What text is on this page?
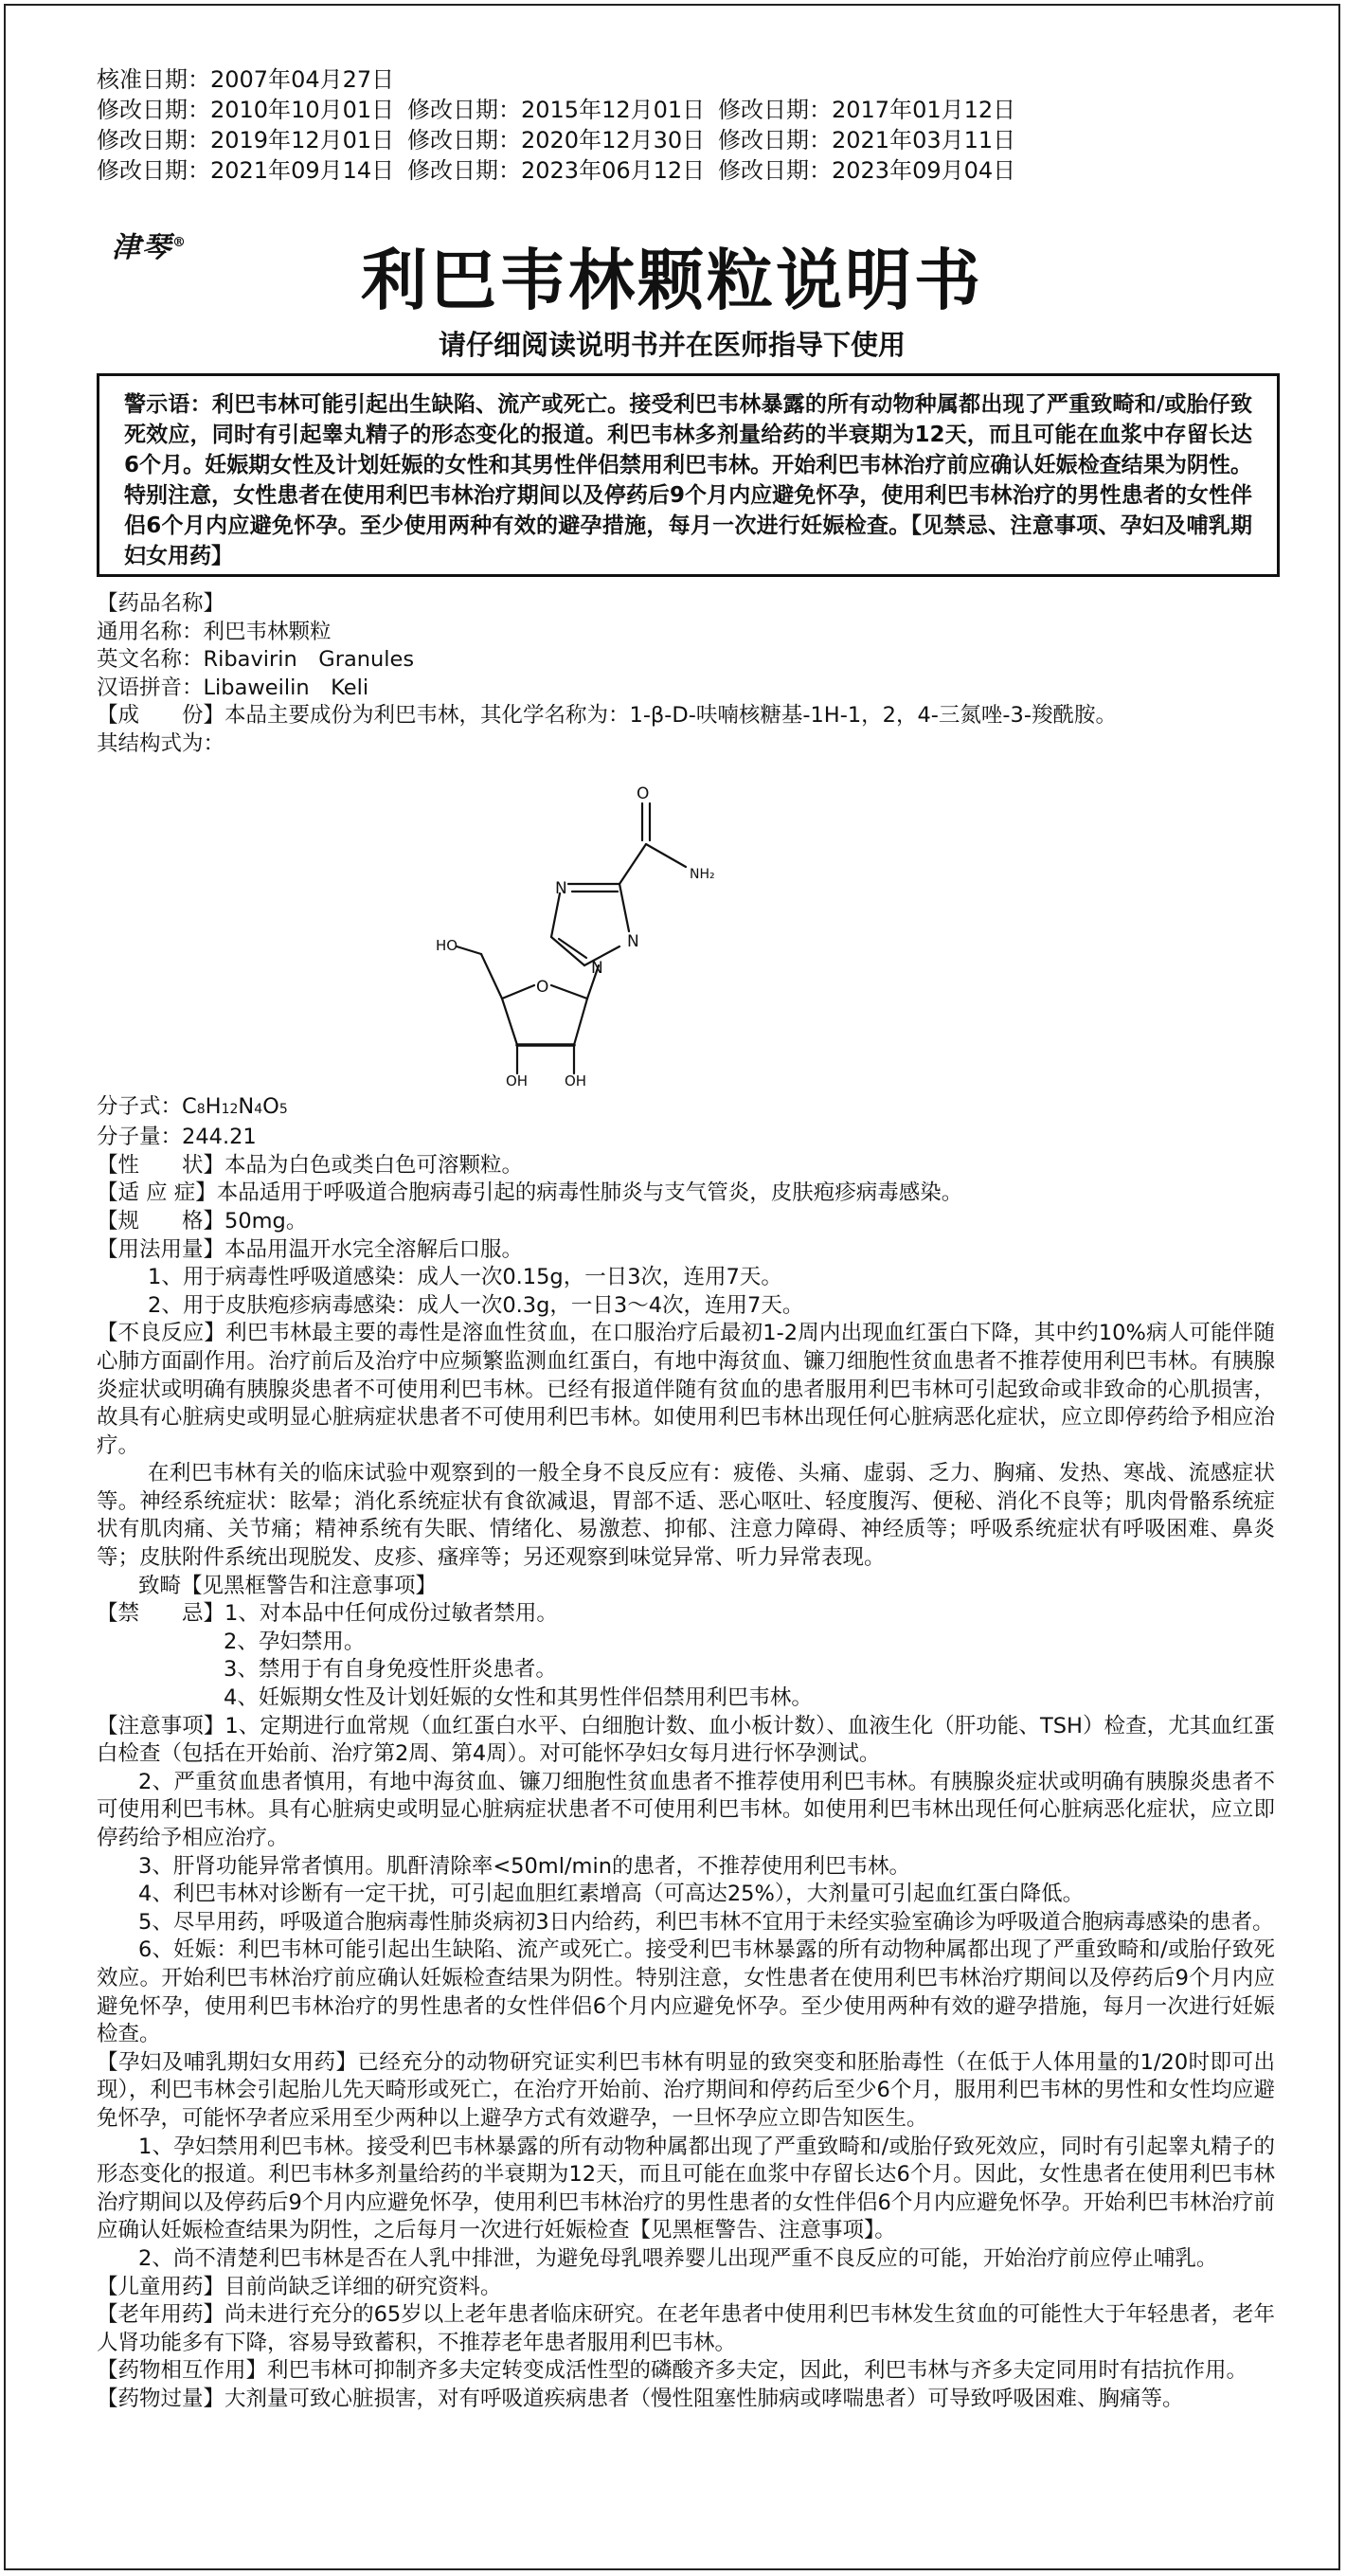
核准日期：2007年04月27日
修改日期：2010年10月01日 修改日期：2015年12月01日 修改日期：2017年01月12日
修改日期：2019年12月01日 修改日期：2020年12月30日 修改日期：2021年03月11日
修改日期：2021年09月14日 修改日期：2023年06月12日 修改日期：2023年09月04日
津琴®	利巴韦林颗粒说明书
请仔细阅读说明书并在医师指导下使用
警示语：利巴韦林可能引起出生缺陷、流产或死亡。接受利巴韦林暴露的所有动物种属都出现了严重致畸和/或胎仔致死效应，同时有引起睾丸精子的形态变化的报道。利巴韦林多剂量给药的半衰期为12天，而且可能在血浆中存留长达6个月。妊娠期女性及计划妊娠的女性和其男性伴侣禁用利巴韦林。开始利巴韦林治疗前应确认妊娠检查结果为阴性。特别注意，女性患者在使用利巴韦林治疗期间以及停药后9个月内应避免怀孕，使用利巴韦林治疗的男性患者的女性伴侣6个月内应避免怀孕。至少使用两种有效的避孕措施，每月一次进行妊娠检查。【见禁忌、注意事项、孕妇及哺乳期妇女用药】

【药品名称】

通用名称：利巴韦林颗粒

英文名称：Ribavirin　Granules

汉语拼音：Libaweilin　Keli

【成　　份】本品主要成份为利巴韦林，其化学名称为：1-β-D-呋喃核糖基-1H-1，2，4-三氮唑-3-羧酰胺。

其结构式为：

O
NH₂
N
N
N
O
HO
OH	OH

分子式：C8H12N4O5

分子量：244.21

【性　　状】本品为白色或类白色可溶颗粒。

【适 应 症】本品适用于呼吸道合胞病毒引起的病毒性肺炎与支气管炎，皮肤疱疹病毒感染。

【规　　格】50mg。

【用法用量】本品用温开水完全溶解后口服。

1、用于病毒性呼吸道感染：成人一次0.15g，一日3次，连用7天。

2、用于皮肤疱疹病毒感染：成人一次0.3g，一日3～4次，连用7天。

【不良反应】利巴韦林最主要的毒性是溶血性贫血，在口服治疗后最初1-2周内出现血红蛋白下降，其中约10%病人可能伴随心肺方面副作用。治疗前后及治疗中应频繁监测血红蛋白，有地中海贫血、镰刀细胞性贫血患者不推荐使用利巴韦林。有胰腺炎症状或明确有胰腺炎患者不可使用利巴韦林。已经有报道伴随有贫血的患者服用利巴韦林可引起致命或非致命的心肌损害，故具有心脏病史或明显心脏病症状患者不可使用利巴韦林。如使用利巴韦林出现任何心脏病恶化症状，应立即停药给予相应治疗。

在利巴韦林有关的临床试验中观察到的一般全身不良反应有：疲倦、头痛、虚弱、乏力、胸痛、发热、寒战、流感症状等。神经系统症状：眩晕；消化系统症状有食欲减退，胃部不适、恶心呕吐、轻度腹泻、便秘、消化不良等；肌肉骨骼系统症状有肌肉痛、关节痛；精神系统有失眠、情绪化、易激惹、抑郁、注意力障碍、神经质等；呼吸系统症状有呼吸困难、鼻炎等；皮肤附件系统出现脱发、皮疹、瘙痒等；另还观察到味觉异常、听力异常表现。

致畸【见黑框警告和注意事项】

【禁　　忌】1、对本品中任何成份过敏者禁用。

2、孕妇禁用。

3、禁用于有自身免疫性肝炎患者。

4、妊娠期女性及计划妊娠的女性和其男性伴侣禁用利巴韦林。

【注意事项】1、定期进行血常规（血红蛋白水平、白细胞计数、血小板计数）、血液生化（肝功能、TSH）检查，尤其血红蛋白检查（包括在开始前、治疗第2周、第4周）。对可能怀孕妇女每月进行怀孕测试。

2、严重贫血患者慎用，有地中海贫血、镰刀细胞性贫血患者不推荐使用利巴韦林。有胰腺炎症状或明确有胰腺炎患者不可使用利巴韦林。具有心脏病史或明显心脏病症状患者不可使用利巴韦林。如使用利巴韦林出现任何心脏病恶化症状，应立即停药给予相应治疗。

3、肝肾功能异常者慎用。肌酐清除率<50ml/min的患者，不推荐使用利巴韦林。

4、利巴韦林对诊断有一定干扰，可引起血胆红素增高（可高达25%），大剂量可引起血红蛋白降低。

5、尽早用药，呼吸道合胞病毒性肺炎病初3日内给药，利巴韦林不宜用于未经实验室确诊为呼吸道合胞病毒感染的患者。

6、妊娠：利巴韦林可能引起出生缺陷、流产或死亡。接受利巴韦林暴露的所有动物种属都出现了严重致畸和/或胎仔致死效应。开始利巴韦林治疗前应确认妊娠检查结果为阴性。特别注意，女性患者在使用利巴韦林治疗期间以及停药后9个月内应避免怀孕，使用利巴韦林治疗的男性患者的女性伴侣6个月内应避免怀孕。至少使用两种有效的避孕措施，每月一次进行妊娠检查。

【孕妇及哺乳期妇女用药】已经充分的动物研究证实利巴韦林有明显的致突变和胚胎毒性（在低于人体用量的1/20时即可出现），利巴韦林会引起胎儿先天畸形或死亡，在治疗开始前、治疗期间和停药后至少6个月，服用利巴韦林的男性和女性均应避免怀孕，可能怀孕者应采用至少两种以上避孕方式有效避孕，一旦怀孕应立即告知医生。

1、孕妇禁用利巴韦林。接受利巴韦林暴露的所有动物种属都出现了严重致畸和/或胎仔致死效应，同时有引起睾丸精子的形态变化的报道。利巴韦林多剂量给药的半衰期为12天，而且可能在血浆中存留长达6个月。因此，女性患者在使用利巴韦林治疗期间以及停药后9个月内应避免怀孕，使用利巴韦林治疗的男性患者的女性伴侣6个月内应避免怀孕。开始利巴韦林治疗前应确认妊娠检查结果为阴性，之后每月一次进行妊娠检查【见黑框警告、注意事项】。

2、尚不清楚利巴韦林是否在人乳中排泄，为避免母乳喂养婴儿出现严重不良反应的可能，开始治疗前应停止哺乳。

【儿童用药】目前尚缺乏详细的研究资料。

【老年用药】尚未进行充分的65岁以上老年患者临床研究。在老年患者中使用利巴韦林发生贫血的可能性大于年轻患者，老年人肾功能多有下降，容易导致蓄积，不推荐老年患者服用利巴韦林。

【药物相互作用】利巴韦林可抑制齐多夫定转变成活性型的磷酸齐多夫定，因此，利巴韦林与齐多夫定同用时有拮抗作用。

【药物过量】大剂量可致心脏损害，对有呼吸道疾病患者（慢性阻塞性肺病或哮喘患者）可导致呼吸困难、胸痛等。
